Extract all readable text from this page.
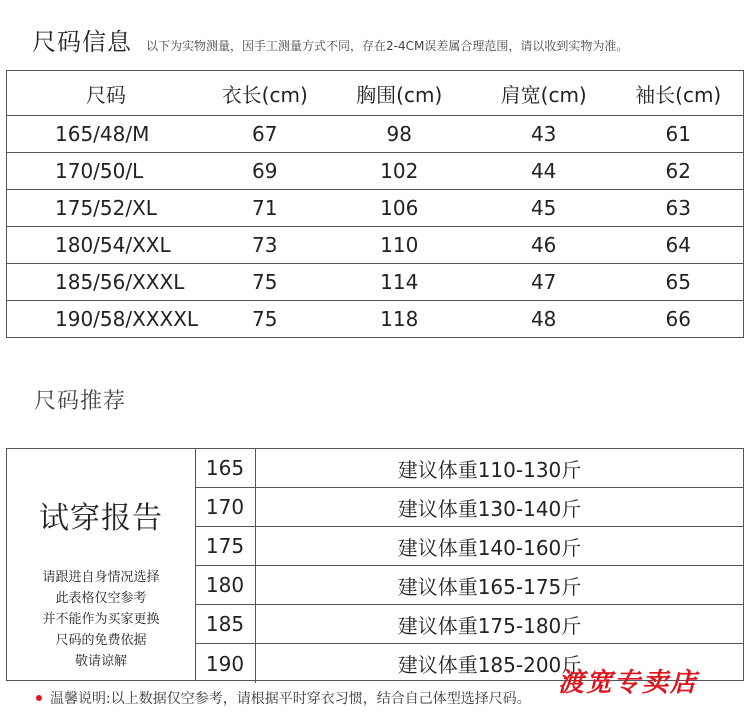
尺码信息 以下为实物测量，因手工测量方式不同，存在2-4CM误差属合理范围，请以收到实物为准。
尺码	衣长(cm)	胸围(cm)	肩宽(cm)	袖长(cm)
165/48/M	67	98	43	61
170/50/L	69	102	44	62
175/52/XL	71	106	45	63
180/54/XXL	73	110	46	64
185/56/XXXL	75	114	47	65
190/58/XXXXL	75	118	48	66
尺码推荐
试穿报告
请跟进自身情况选择
此表格仅空参考
并不能作为买家更换
尺码的免费依据
敬请谅解
165	建议体重110-130斤
170	建议体重130-140斤
175	建议体重140-160斤
180	建议体重165-175斤
185	建议体重175-180斤
190	建议体重185-200斤
渡宽专卖店
温馨说明:以上数据仅空参考，请根据平时穿衣习惯，结合自己体型选择尺码。
